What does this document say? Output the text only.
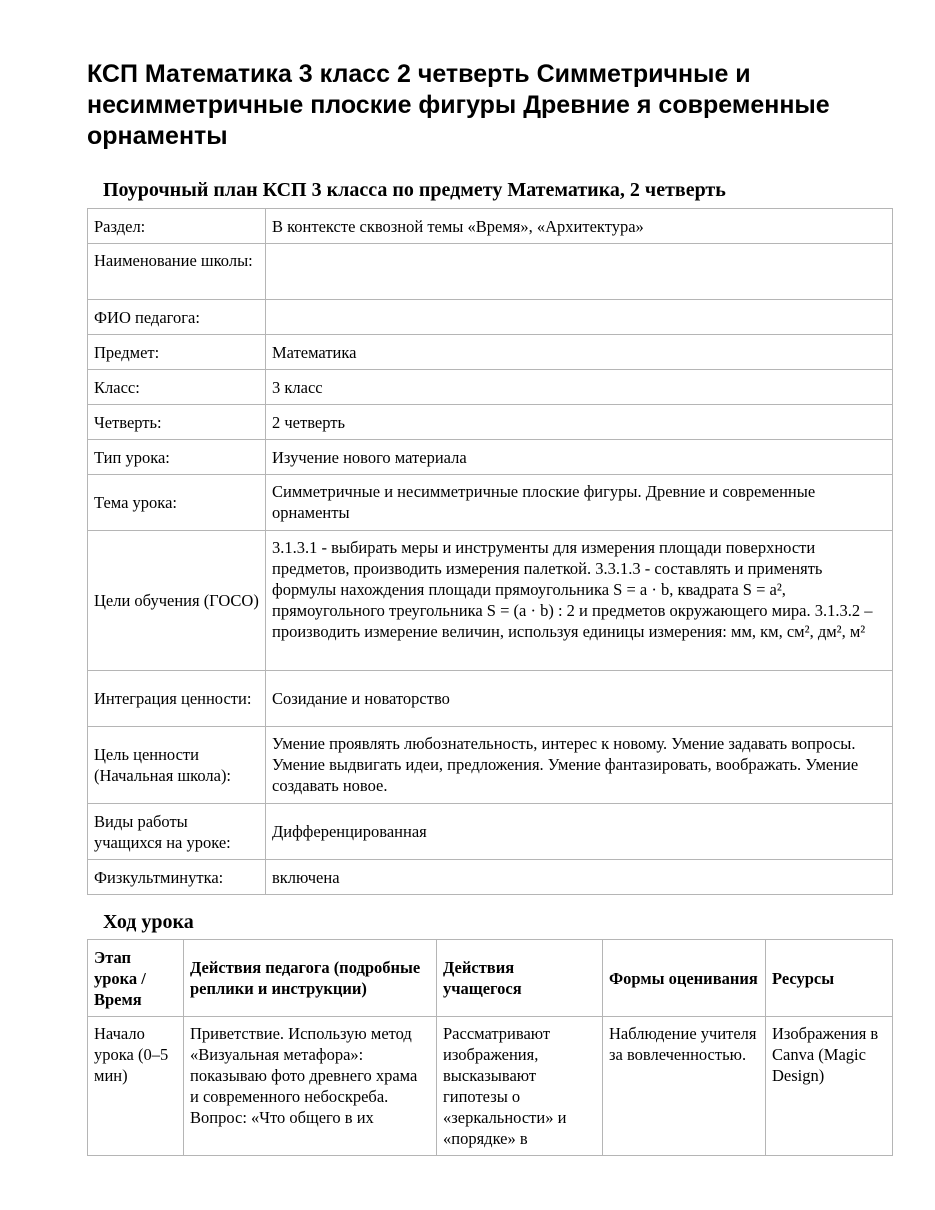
КСП Математика 3 класс 2 четверть Симметричные и несимметричные плоские фигуры Древние я современные орнаменты
Поурочный план КСП 3 класса по предмету Математика, 2 четверть
Раздел:	В контексте сквозной темы «Время», «Архитектура»
Наименование школы:	
ФИО педагога:	
Предмет:	Математика
Класс:	3 класс
Четверть:	2 четверть
Тип урока:	Изучение нового материала
Тема урока:	Симметричные и несимметричные плоские фигуры. Древние и современные орнаменты
Цели обучения (ГОСО)	3.1.3.1 - выбирать меры и инструменты для измерения площади поверхности предметов, производить измерения палеткой. 3.3.1.3 - составлять и применять формулы нахождения площади прямоугольника S = a · b, квадрата S = a², прямоугольного треугольника S = (a · b) : 2 и предметов окружающего мира. 3.1.3.2 – производить измерение величин, используя единицы измерения: мм, км, см², дм², м²
Интеграция ценности:	Созидание и новаторство
Цель ценности (Начальная школа):	Умение проявлять любознательность, интерес к новому. Умение задавать вопросы. Умение выдвигать идеи, предложения. Умение фантазировать, воображать. Умение создавать новое.
Виды работы учащихся на уроке:	Дифференцированная
Физкультминутка:	включена
Ход урока
Этап урока / Время	Действия педагога (подробные реплики и инструкции)	Действия учащегося	Формы оценивания	Ресурсы
Начало урока (0–5 мин)	Приветствие. Использую метод «Визуальная метафора»: показываю фото древнего храма и современного небоскреба. Вопрос: «Что общего в их	Рассматривают изображения, высказывают гипотезы о «зеркальности» и «порядке» в	Наблюдение учителя за вовлеченностью.	Изображения в Canva (Magic Design)
